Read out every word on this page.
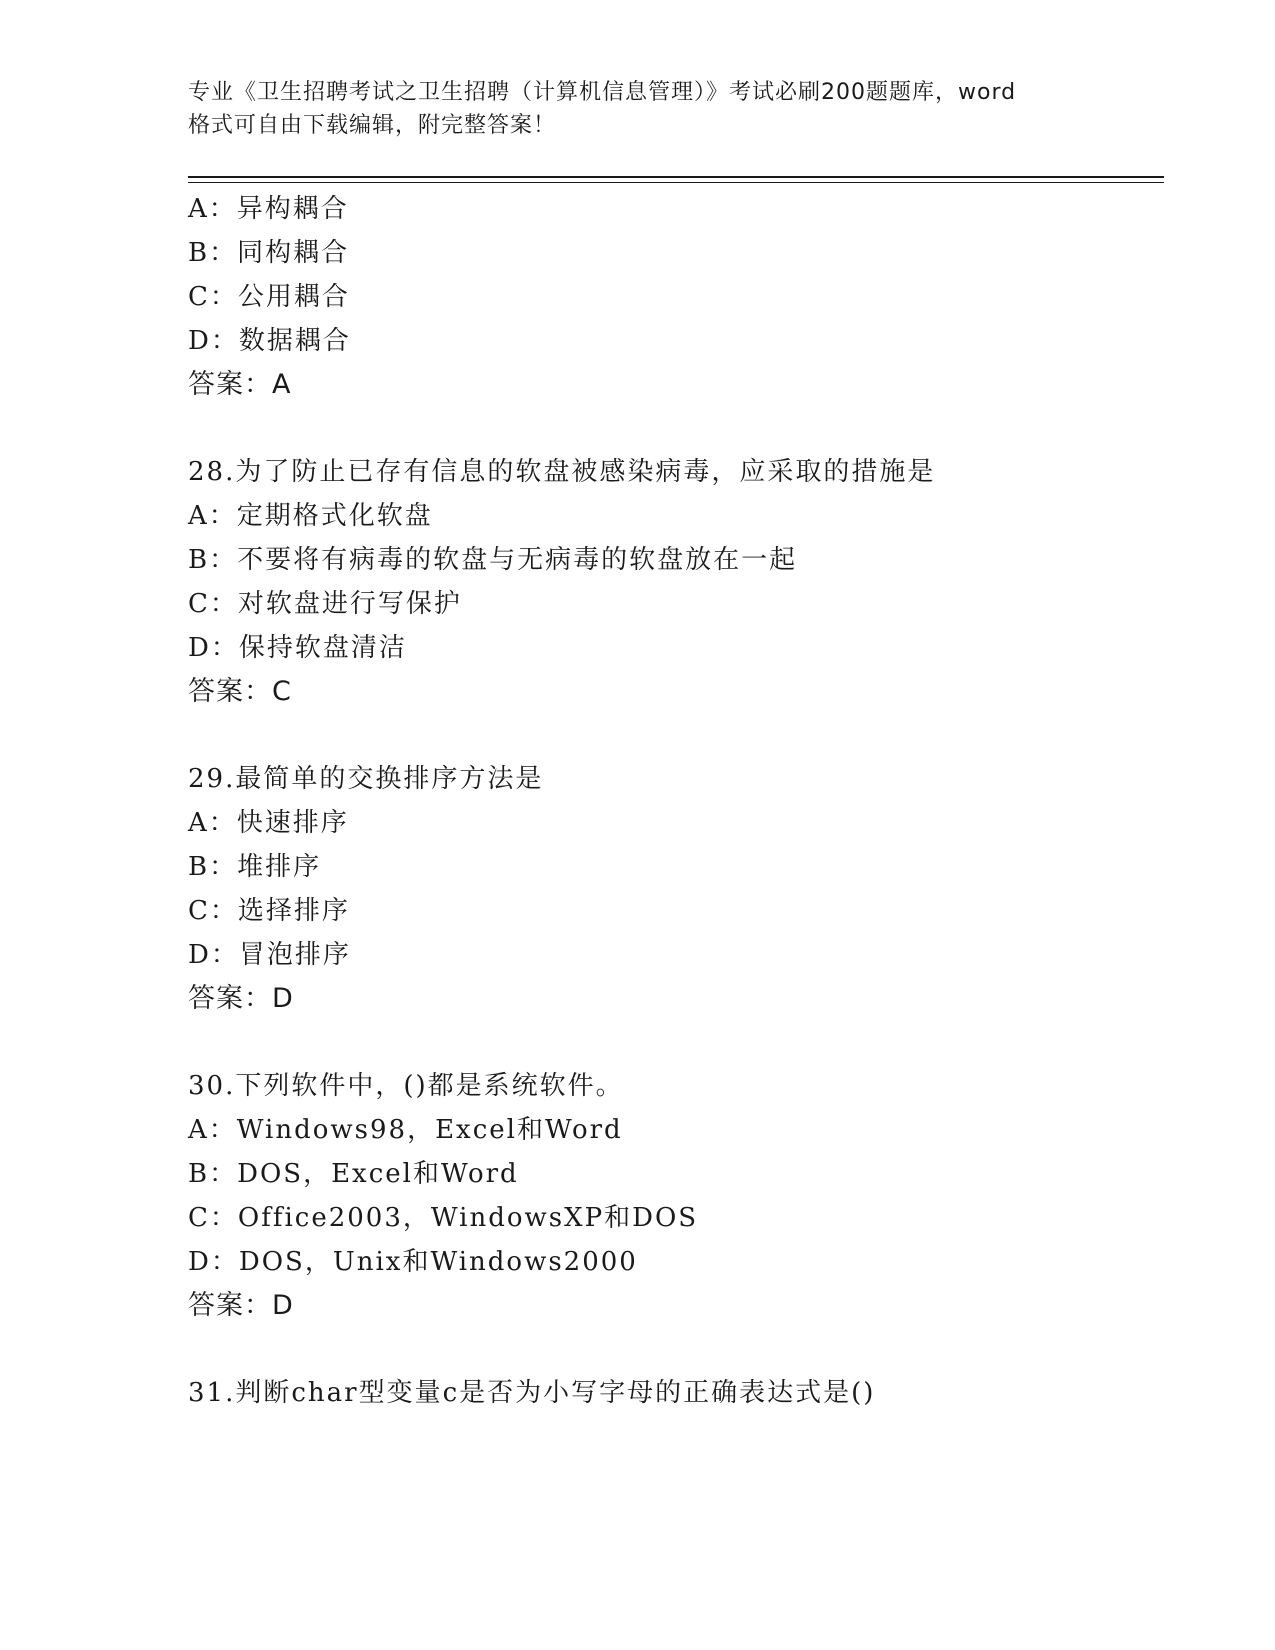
专业《卫生招聘考试之卫生招聘（计算机信息管理）》考试必刷200题题库，word
格式可自由下载编辑，附完整答案！
A：异构耦合
B：同构耦合
C：公用耦合
D：数据耦合
答案：A
28.为了防止已存有信息的软盘被感染病毒，应采取的措施是
A：定期格式化软盘
B：不要将有病毒的软盘与无病毒的软盘放在一起
C：对软盘进行写保护
D：保持软盘清洁
答案：C
29.最简单的交换排序方法是
A：快速排序
B：堆排序
C：选择排序
D：冒泡排序
答案：D
30.下列软件中，()都是系统软件。
A：Windows98，Excel和Word
B：DOS，Excel和Word
C：Office2003，WindowsXP和DOS
D：DOS，Unix和Windows2000
答案：D
31.判断char型变量c是否为小写字母的正确表达式是()
